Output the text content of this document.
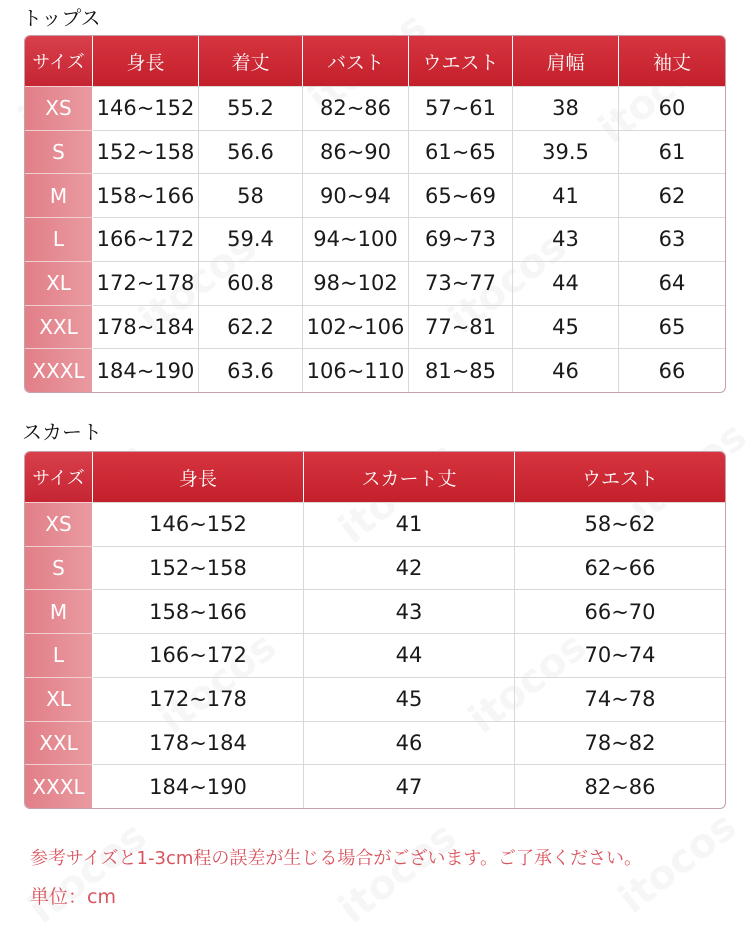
トップス
サイズ	身長	着丈	バスト	ウエスト	肩幅	袖丈
XS	146~152	55.2	82~86	57~61	38	60
S	152~158	56.6	86~90	61~65	39.5	61
M	158~166	58	90~94	65~69	41	62
L	166~172	59.4	94~100	69~73	43	63
XL	172~178	60.8	98~102	73~77	44	64
XXL	178~184	62.2	102~106	77~81	45	65
XXXL	184~190	63.6	106~110	81~85	46	66
スカート
サイズ	身長	スカート丈	ウエスト
XS	146~152	41	58~62
S	152~158	42	62~66
M	158~166	43	66~70
L	166~172	44	70~74
XL	172~178	45	74~78
XXL	178~184	46	78~82
XXXL	184~190	47	82~86
参考サイズと1-3cm程の誤差が生じる場合がございます。ご了承ください。
単位：cm
